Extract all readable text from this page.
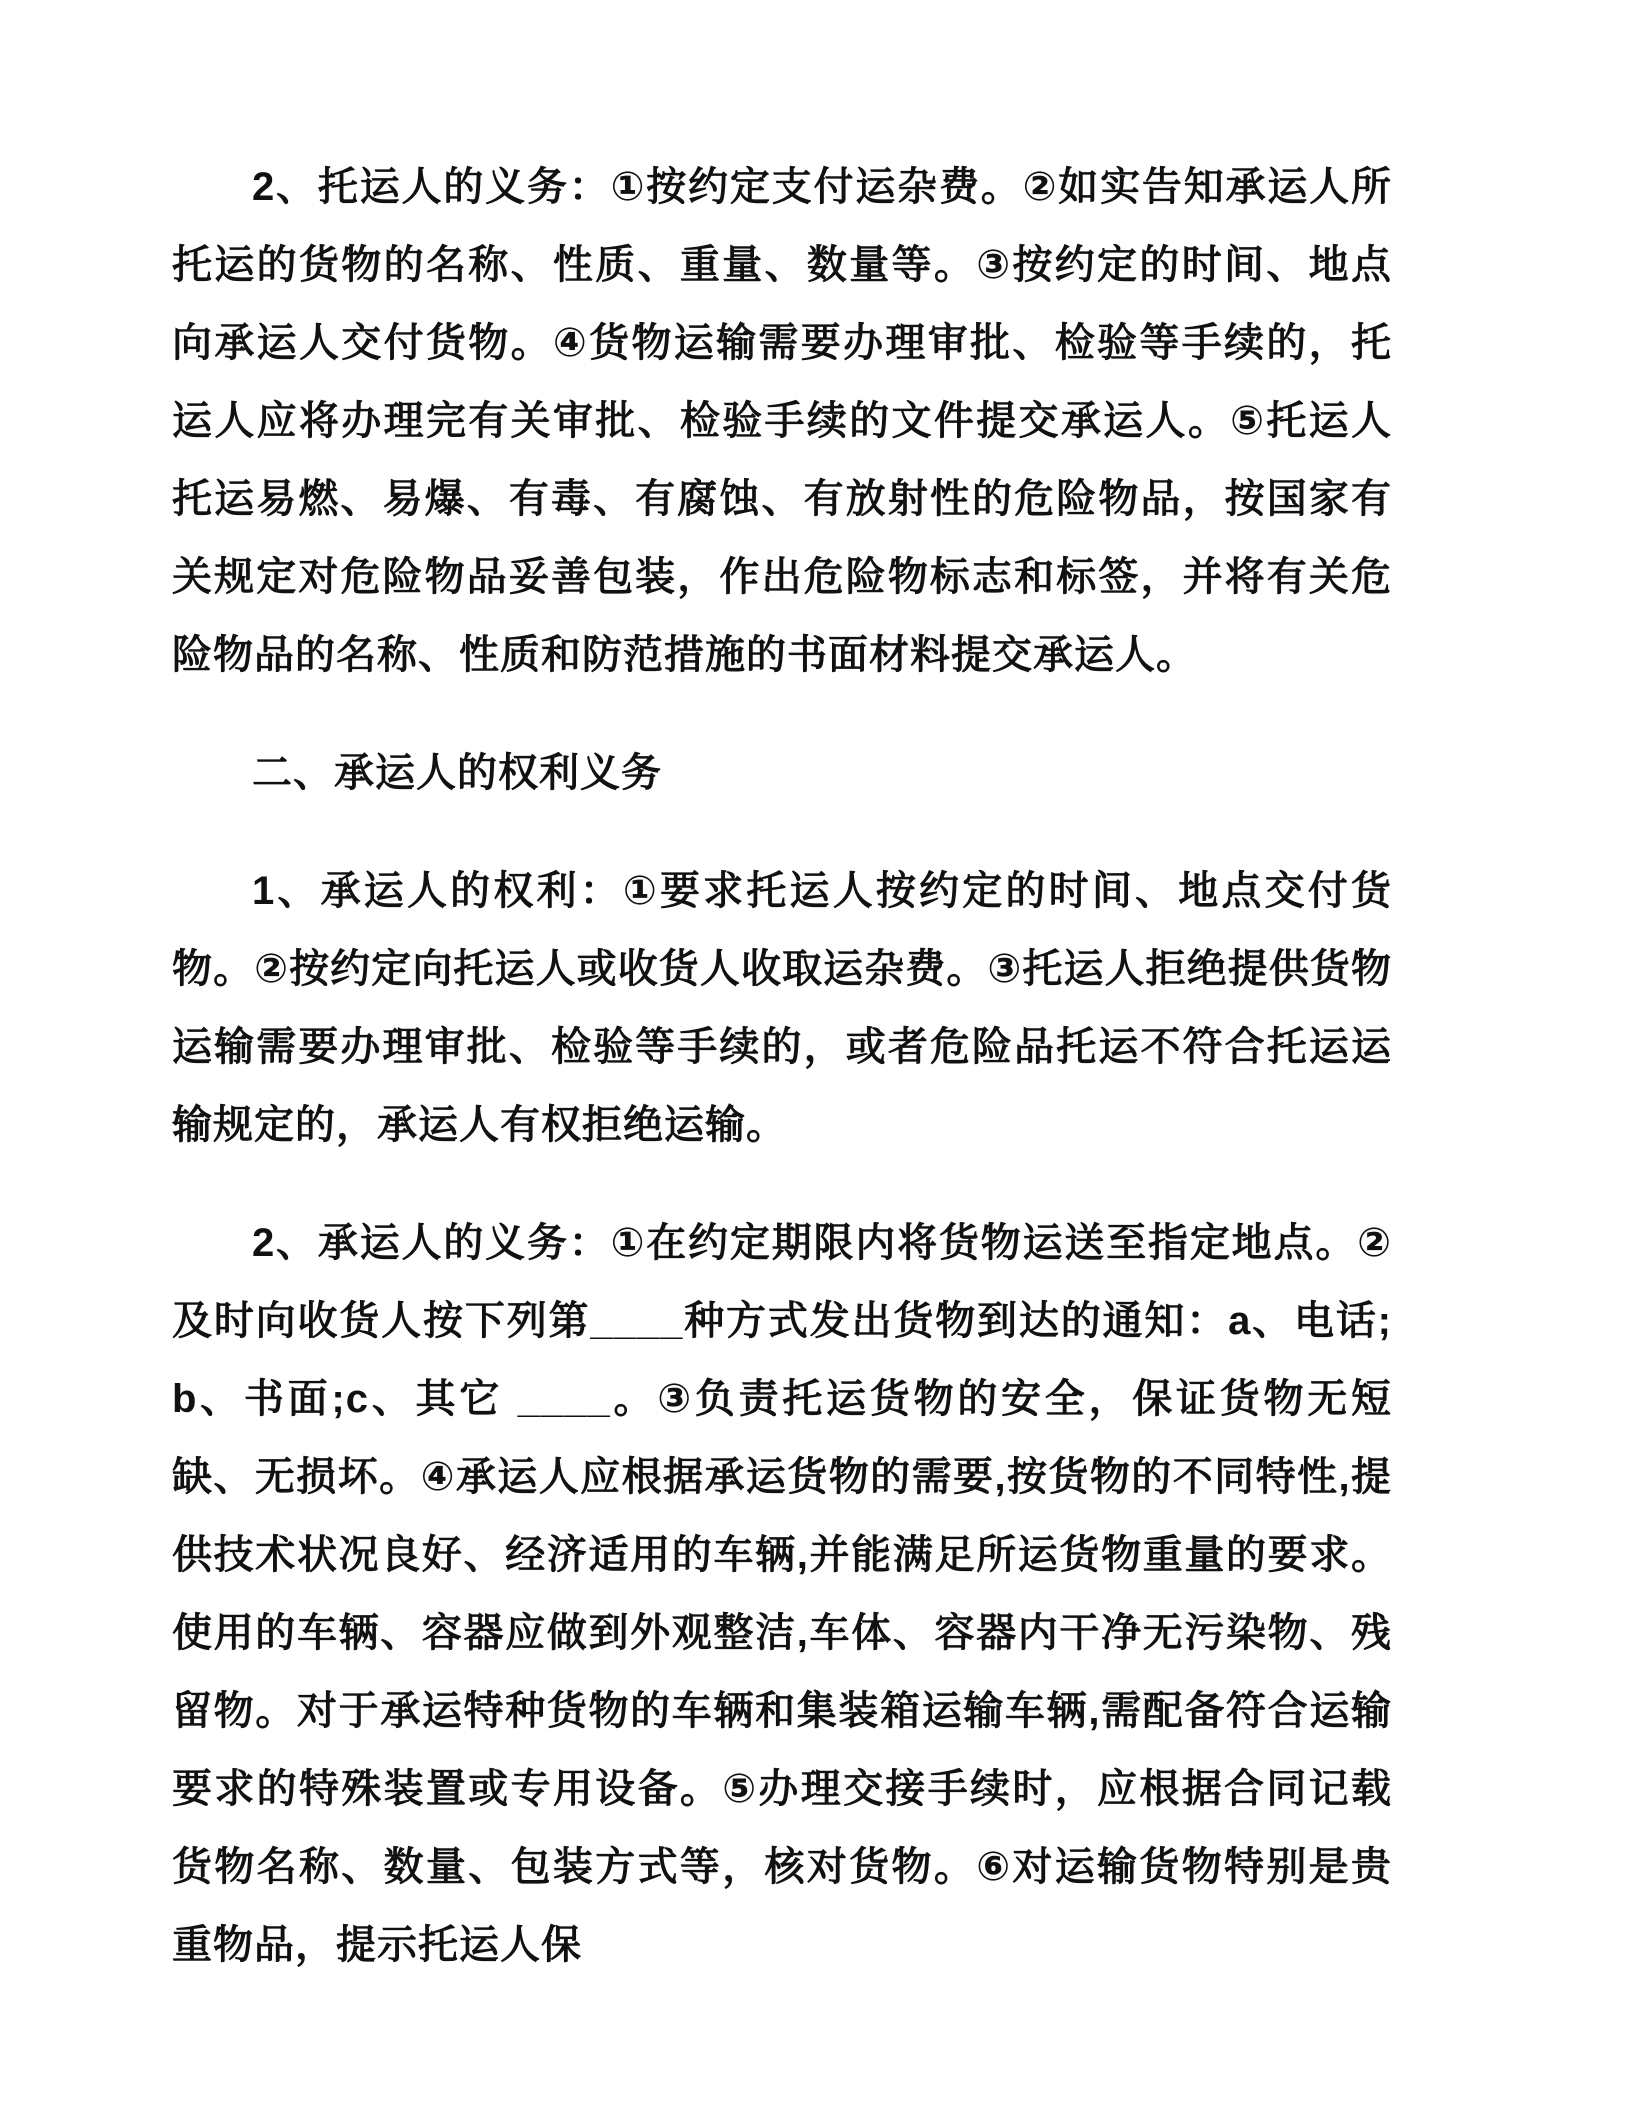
2、托运人的义务：①按约定支付运杂费。②如实告知承运人所托运的货物的名称、性质、重量、数量等。③按约定的时间、地点向承运人交付货物。④货物运输需要办理审批、检验等手续的，托运人应将办理完有关审批、检验手续的文件提交承运人。⑤托运人托运易燃、易爆、有毒、有腐蚀、有放射性的危险物品，按国家有关规定对危险物品妥善包装，作出危险物标志和标签，并将有关危险物品的名称、性质和防范措施的书面材料提交承运人。

二、承运人的权利义务

1、承运人的权利：①要求托运人按约定的时间、地点交付货物。②按约定向托运人或收货人收取运杂费。③托运人拒绝提供货物运输需要办理审批、检验等手续的，或者危险品托运不符合托运运输规定的，承运人有权拒绝运输。

2、承运人的义务：①在约定期限内将货物运送至指定地点。②及时向收货人按下列第____种方式发出货物到达的通知：a、电话;b、书面;c、其它 ____。③负责托运货物的安全，保证货物无短缺、无损坏。④承运人应根据承运货物的需要,按货物的不同特性,提供技术状况良好、经济适用的车辆,并能满足所运货物重量的要求。使用的车辆、容器应做到外观整洁,车体、容器内干净无污染物、残留物。对于承运特种货物的车辆和集装箱运输车辆,需配备符合运输要求的特殊装置或专用设备。⑤办理交接手续时，应根据合同记载货物名称、数量、包装方式等，核对货物。⑥对运输货物特别是贵重物品，提示托运人保
